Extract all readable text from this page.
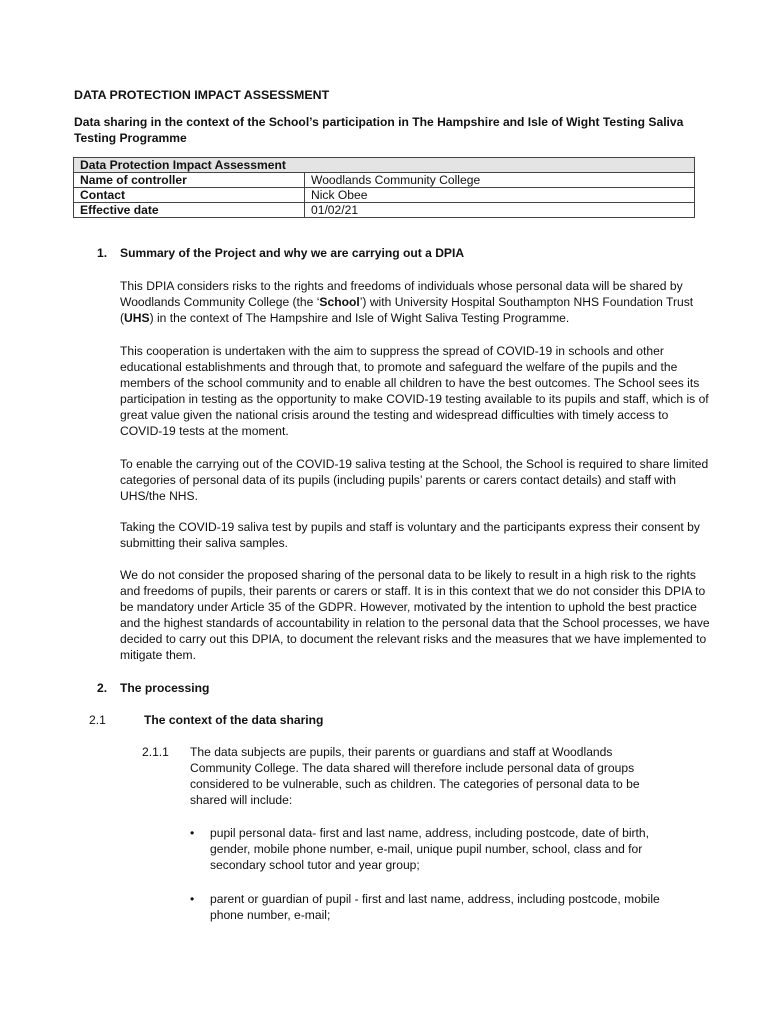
DATA PROTECTION IMPACT ASSESSMENT
Data sharing in the context of the School’s participation in The Hampshire and Isle of Wight Testing Saliva Testing Programme
Data Protection Impact Assessment	
Name of controller	Woodlands Community College
Contact	Nick Obee
Effective date	01/02/21
1. Summary of the Project and why we are carrying out a DPIA
This DPIA considers risks to the rights and freedoms of individuals whose personal data will be shared by Woodlands Community College (the ‘School’) with University Hospital Southampton NHS Foundation Trust (UHS) in the context of The Hampshire and Isle of Wight Saliva Testing Programme.
This cooperation is undertaken with the aim to suppress the spread of COVID-19 in schools and other educational establishments and through that, to promote and safeguard the welfare of the pupils and the members of the school community and to enable all children to have the best outcomes. The School sees its participation in testing as the opportunity to make COVID-19 testing available to its pupils and staff, which is of great value given the national crisis around the testing and widespread difficulties with timely access to COVID-19 tests at the moment.
To enable the carrying out of the COVID-19 saliva testing at the School, the School is required to share limited categories of personal data of its pupils (including pupils’ parents or carers contact details) and staff with UHS/the NHS.
Taking the COVID-19 saliva test by pupils and staff is voluntary and the participants express their consent by submitting their saliva samples.
We do not consider the proposed sharing of the personal data to be likely to result in a high risk to the rights and freedoms of pupils, their parents or carers or staff. It is in this context that we do not consider this DPIA to be mandatory under Article 35 of the GDPR. However, motivated by the intention to uphold the best practice and the highest standards of accountability in relation to the personal data that the School processes, we have decided to carry out this DPIA, to document the relevant risks and the measures that we have implemented to mitigate them.
2. The processing
2.1	The context of the data sharing
2.1.1 The data subjects are pupils, their parents or guardians and staff at Woodlands Community College. The data shared will therefore include personal data of groups considered to be vulnerable, such as children. The categories of personal data to be shared will include:
• pupil personal data- first and last name, address, including postcode, date of birth, gender, mobile phone number, e-mail, unique pupil number, school, class and for secondary school tutor and year group;
• parent or guardian of pupil - first and last name, address, including postcode, mobile phone number, e-mail;
